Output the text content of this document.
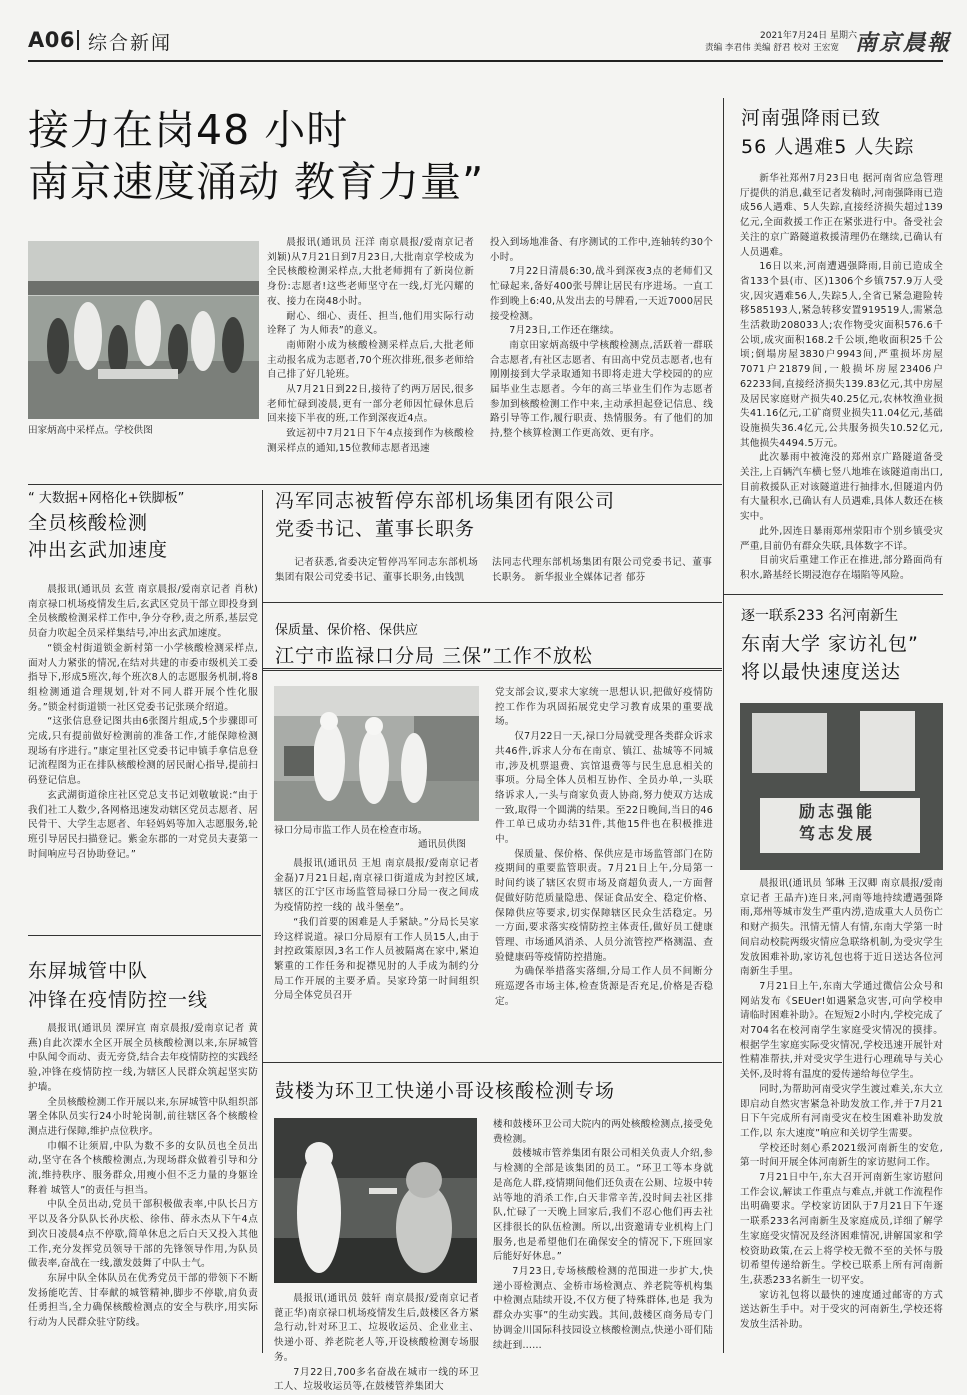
A06 综合新闻	2021年7月24日 星期六
责编 李君伟 美编 舒君 校对 王宏宽 南京晨報
接力在岗48 小时
南京速度涌动 教育力量”
田家炳高中采样点。学校供图

晨报讯(通讯员 汪洋 南京晨报/爱南京记者 刘颖)从7月21日到7月23日,大批南京学校成为全民核酸检测采样点,大批老师拥有了新岗位新身份:志愿者!这些老师坚守在一线,灯光闪耀的夜、接力在岗48小时。

耐心、细心、责任、担当,他们用实际行动诠释了 为人师表”的意义。

南师附小成为核酸检测采样点后,大批老师主动报名成为志愿者,70个班次排班,很多老师给自己排了好几轮班。

从7月21日到22日,接待了约两万居民,很多老师忙碌到凌晨,更有一部分老师因忙碌休息后回来接下半夜的班,工作到深夜近4点。

致远初中7月21日下午4点接到作为核酸检测采样点的通知,15位教师志愿者迅速

投入到场地准备、有序测试的工作中,连轴转约30个小时。

7月22日清晨6:30,战斗到深夜3点的老师们又忙碌起来,备好400张号牌让居民有序进场。一直工作到晚上6:40,从发出去的号牌看,一天近7000居民接受检测。

7月23日,工作还在继续。

南京田家炳高级中学核酸检测点,活跃着一群联合志愿者,有社区志愿者、有田高中党员志愿者,也有刚刚接到大学录取通知书即将走进大学校园的的应届毕业生志愿者。今年的高三毕业生们作为志愿者参加到核酸检测工作中来,主动承担起登记信息、线路引导等工作,履行职责、热情服务。有了他们的加持,整个核算检测工作更高效、更有序。

河南强降雨已致
56 人遇难5 人失踪

新华社郑州7月23日电 据河南省应急管理厅提供的消息,截至记者发稿时,河南强降雨已造成56人遇难、5人失踪,直接经济损失超过139亿元,全面救援工作正在紧张进行中。备受社会关注的京广路隧道救援清理仍在继续,已确认有人员遇难。

16日以来,河南遭遇强降雨,目前已造成全省133个县(市、区)1306个乡镇757.9万人受灾,因灾遇难56人,失踪5人,全省已紧急避险转移585193人,紧急转移安置919519人,需紧急生活救助208033人;农作物受灾面积576.6千公顷,成灾面积168.2千公顷,绝收面积25千公顷;倒塌房屋3830户9943间,严重损坏房屋7071户21879间,一般损坏房屋23406户62233间,直接经济损失139.83亿元,其中房屋及居民家庭财产损失40.25亿元,农林牧渔业损失41.16亿元,工矿商贸业损失11.04亿元,基础设施损失36.4亿元,公共服务损失10.52亿元,其他损失4494.5万元。

此次暴雨中被淹没的郑州京广路隧道备受关注,上百辆汽车横七竖八地堆在该隧道南出口,目前救援队正对该隧道进行抽排水,但隧道内仍有大量积水,已确认有人员遇难,具体人数还在核实中。

此外,因连日暴雨郑州荥阳市个别乡镇受灾严重,目前仍有群众失联,具体数字不详。

目前灾后重建工作正在推进,部分路面尚有积水,路基经长期浸泡存在塌陷等风险。

“ 大数据+网格化+铁脚板”
全员核酸检测
冲出玄武加速度

晨报讯(通讯员 玄萱 南京晨报/爱南京记者 肖秋)南京禄口机场疫情发生后,玄武区党员干部立即投身到全员核酸检测采样工作中,争分夺秒,责之所系,基层党员奋力吹起全员采样集结号,冲出玄武加速度。

“锁金村街道锁金新村第一小学核酸检测采样点,面对人力紧张的情况,在结对共建的市委市级机关工委指导下,形成5班次,每个班次8人的志愿服务机制,将8组检测通道合理规划,针对不同人群开展个性化服务。”锁金村街道锁一社区党委书记张瑛介绍道。

“这张信息登记图共由6张图片组成,5个步骤即可完成,只有提前做好检测前的准备工作,才能保障检测现场有序进行。”康定里社区党委书记申镇手拿信息登记流程图为正在排队核酸检测的居民耐心指导,提前扫码登记信息。

玄武湖街道徐庄社区党总支书记刘敬敏说:“由于我们社工人数少,各网格迅速发动辖区党员志愿者、居民骨干、大学生志愿者、年轻妈妈等加入志愿服务,轮班引导居民扫描登记。紫金东郡的一对党员夫妻第一时间响应号召协助登记。”

冯军同志被暂停东部机场集团有限公司
党委书记、董事长职务

记者获悉,省委决定暂停冯军同志东部机场集团有限公司党委书记、董事长职务,由钱凯

法同志代理东部机场集团有限公司党委书记、董事长职务。 新华报业全媒体记者 郁芬

保质量、保价格、保供应
江宁市监禄口分局 三保”工作不放松
禄口分局市监工作人员在检查市场。
通讯员供图

晨报讯(通讯员 王旭 南京晨报/爱南京记者 金磊)7月21日起,南京禄口街道成为封控区域,辖区的江宁区市场监管局禄口分局一夜之间成为疫情防控一线的 战斗堡垒”。

“我们首要的困难是人手紧缺。”分局长吴家玲这样说道。禄口分局原有工作人员15人,由于封控政策原因,3名工作人员被隔离在家中,紧迫繁重的工作任务和捉襟见肘的人手成为制约分局工作开展的主要矛盾。吴家玲第一时间组织分局全体党员召开

党支部会议,要求大家统一思想认识,把做好疫情防控工作作为巩固拓展党史学习教育成果的重要战场。

仅7月22日一天,禄口分局就受理各类群众诉求共46件,诉求人分布在南京、镇江、盐城等不同城市,涉及机票退费、宾馆退费等与民生息息相关的事项。分局全体人员相互协作、全员办单,一头联络诉求人,一头与商家负责人协商,努力使双方达成一致,取得一个圆满的结果。至22日晚间,当日的46件工单已成功办结31件,其他15件也在积极推进中。

保质量、保价格、保供应是市场监管部门在防疫期间的重要监管职责。7月21日上午,分局第一时间约谈了辖区农贸市场及商超负责人,一方面督促做好防范质量隐患、保证食品安全、稳定价格、保障供应等要求,切实保障辖区民众生活稳定。另一方面,要求落实疫情防控主体责任,做好员工健康管理、市场通风消杀、人员分流管控严格测温、查验健康码等疫情防控措施。

为确保举措落实落细,分局工作人员不间断分班巡逻各市场主体,检查货源是否充足,价格是否稳定。

东屏城管中队
冲锋在疫情防控一线

晨报讯(通讯员 溧屏宣 南京晨报/爱南京记者 黄燕)自此次溧水全区开展全员核酸检测以来,东屏城管中队闻令而动、责无旁贷,结合去年疫情防控的实践经验,冲锋在疫情防控一线,为辖区人民群众筑起坚实防护墙。

全员核酸检测工作开展以来,东屏城管中队组织部署全体队员实行24小时轮岗制,前往辖区各个核酸检测点进行保障,维护点位秩序。

巾帼不让须眉,中队为数不多的女队员也全员出动,坚守在各个核酸检测点,为现场群众做着引导和分流,维持秩序、服务群众,用瘦小但不乏力量的身躯诠释着 城管人”的责任与担当。

中队全员出动,党员干部积极做表率,中队长吕方平以及各分队队长孙庆松、徐伟、薛永杰从下午4点到次日凌晨4点不停歇,简单休息之后白天又投入其他工作,充分发挥党员领导干部的先锋领导作用,为队员做表率,奋战在一线,激发鼓舞了中队士气。

东屏中队全体队员在优秀党员干部的带领下不断发扬能吃苦、甘奉献的城管精神,脚步不停歇,肩负责任勇担当,全力确保核酸检测点的安全与秩序,用实际行动为人民群众驻守防线。

鼓楼为环卫工快递小哥设核酸检测专场

晨报讯(通讯员 鼓轩 南京晨报/爱南京记者 蓖正华)南京禄口机场疫情发生后,鼓楼区各方紧急行动,针对环卫工、垃圾收运员、企业业主、快递小哥、养老院老人等,开设核酸检测专场服务。

7月22日,700多名奋战在城市一线的环卫工人、垃圾收运员等,在鼓楼管养集团大

楼和鼓楼环卫公司大院内的两处核酸检测点,接受免费检测。

鼓楼城市管养集团有限公司相关负责人介绍,参与检测的全部是该集团的员工。“环卫工等本身就是高危人群,疫情期间他们还负责在公厕、垃圾中转站等地的消杀工作,白天非常辛苦,没时间去社区排队,忙碌了一天晚上回家后,我们不忍心他们再去社区排很长的队伍检测。所以,出资邀请专业机构上门服务,也是希望他们在确保安全的情况下,下班回家后能好好休息。”

7月23日,专场核酸检测的范围进一步扩大,快递小哥检测点、金桥市场检测点、养老院等机构集中检测点陆续开设,不仅方便了特殊群体,也是 我为群众办实事”的生动实践。其间,鼓楼区商务局专门协调金川国际科技园设立核酸检测点,快递小哥们陆续赶到……

逐一联系233 名河南新生
东南大学 家访礼包”
将以最快速度送达
励志强能
笃志发展

晨报讯(通讯员 邹琳 王汉卿 南京晨报/爱南京记者 王晶卉)连日来,河南等地持续遭遇强降雨,郑州等城市发生严重内涝,造成重大人员伤亡和财产损失。汛情无情人有情,东南大学第一时间启动校院两级灾情应急联络机制,为受灾学生发放困难补助,家访礼包也将于近日送达各位河南新生手里。

7月21日上午,东南大学通过微信公众号和网站发布《SEUer!如遇紧急灾害,可向学校申请临时困难补助》。在短短2小时内,学校完成了对704名在校河南学生家庭受灾情况的摸排。根据学生家庭实际受灾情况,学校迅速开展针对性精准帮扶,并对受灾学生进行心理疏导与关心关怀,及时将有温度的爱传递给每位学生。

同时,为帮助河南受灾学生渡过难关,东大立即启动自然灾害紧急补助发放工作,并于7月21日下午完成所有河南受灾在校生困难补助发放工作,以 东大速度”响应和关切学生需要。

学校还时刻心系2021级河南新生的安危,第一时间开展全体河南新生的家访慰问工作。

7月21日中午,东大召开河南新生家访慰问工作会议,解读工作重点与难点,并就工作流程作出明确要求。学校家访团队于7月21日下午逐一联系233名河南新生及家庭成员,详细了解学生家庭受灾情况及经济困难情况,讲解国家和学校资助政策,在云上将学校无微不至的关怀与殷切希望传递给新生。学校已联系上所有河南新生,获悉233名新生一切平安。

家访礼包将以最快的速度通过邮寄的方式送达新生手中。对于受灾的河南新生,学校还将发放生活补助。
